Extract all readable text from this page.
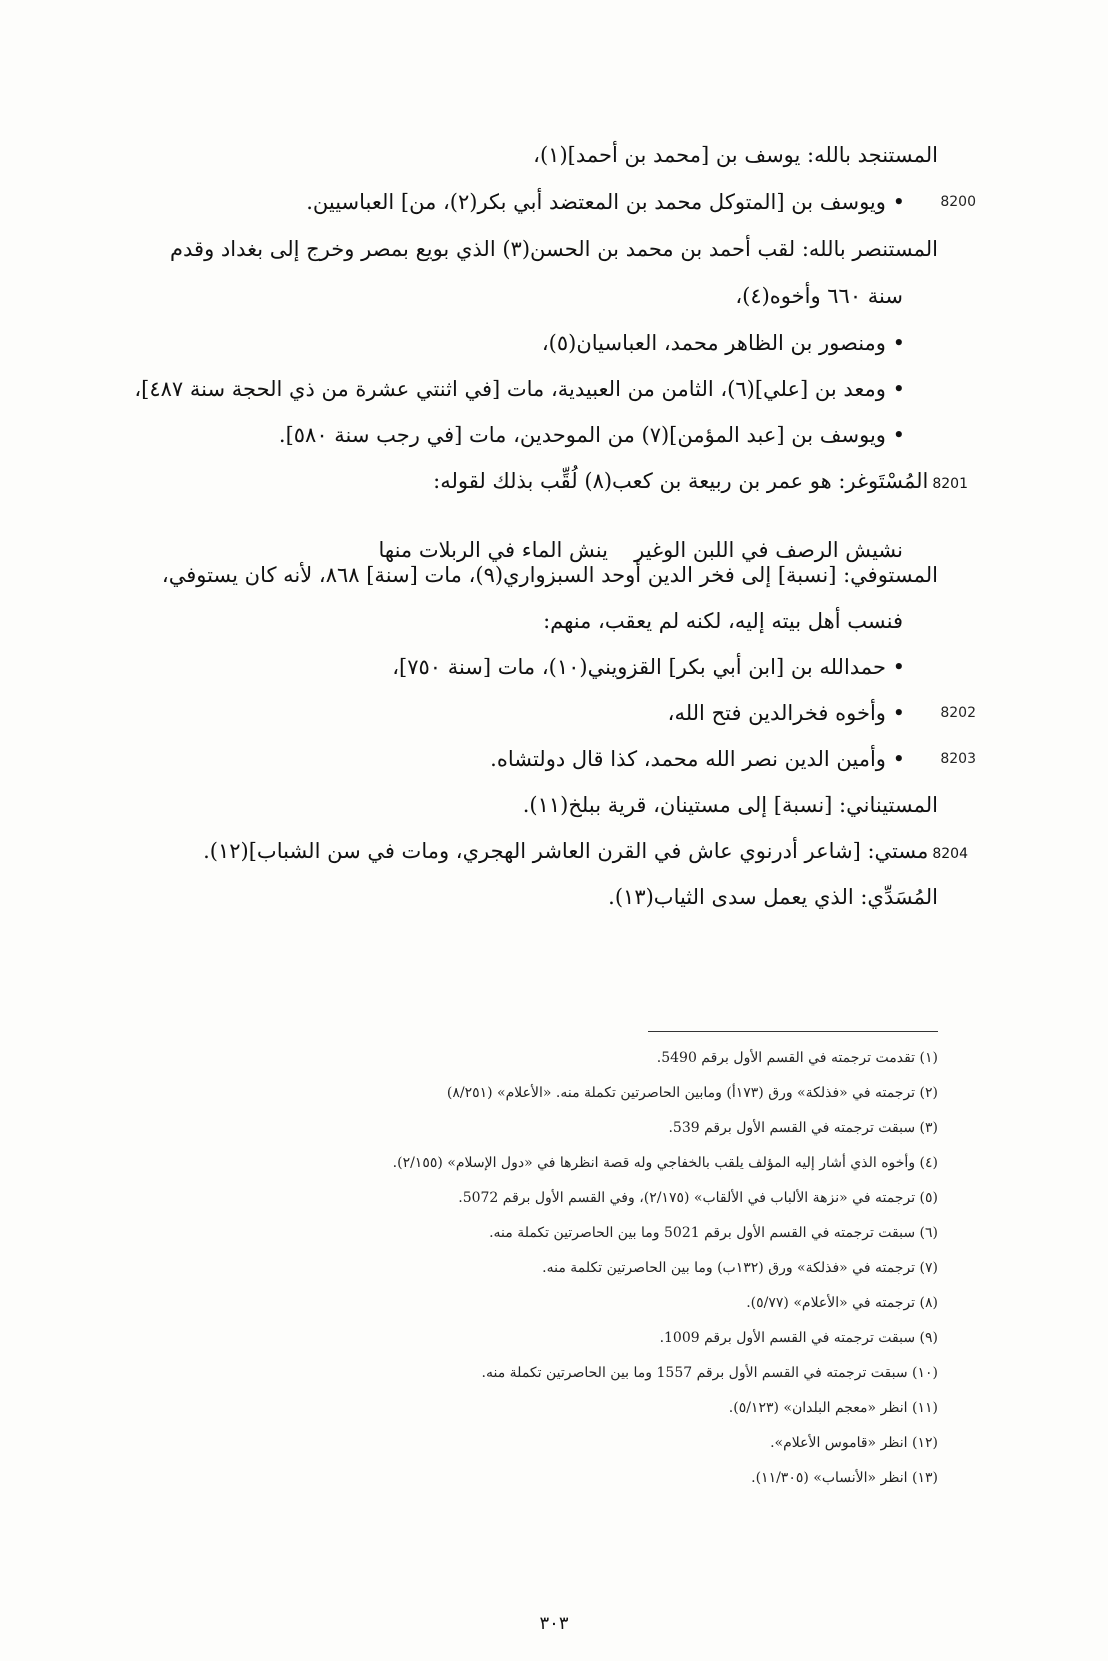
المستنجد بالله: يوسف بن [محمد بن أحمد](١)،
8200
• ويوسف بن [المتوكل محمد بن المعتضد أبي بكر(٢)، من] العباسيين.
المستنصر بالله: لقب أحمد بن محمد بن الحسن(٣) الذي بويع بمصر وخرج إلى بغداد وقدم
سنة ٦٦٠ وأخوه(٤)،
• ومنصور بن الظاهر محمد، العباسيان(٥)،
• ومعد بن [علي](٦)، الثامن من العبيدية، مات [في اثنتي عشرة من ذي الحجة سنة ٤٨٧]،
• ويوسف بن [عبد المؤمن](٧) من الموحدين، مات [في رجب سنة ٥٨٠].
8201المُسْتَوغر: هو عمر بن ربيعة بن كعب(٨) لُقِّب بذلك لقوله:
ينش الماء في الربلات منها نشيش الرصف في اللبن الوغير
المستوفي: [نسبة] إلى فخر الدين أوحد السبزواري(٩)، مات [سنة] ٨٦٨، لأنه كان يستوفي،
فنسب أهل بيته إليه، لكنه لم يعقب، منهم:
• حمدالله بن [ابن أبي بكر] القزويني(١٠)، مات [سنة ٧٥٠]،
8202
• وأخوه فخرالدين فتح الله،
8203
• وأمين الدين نصر الله محمد، كذا قال دولتشاه.
المستيناني: [نسبة] إلى مستينان، قرية ببلخ(١١).
8204مستي: [شاعر أدرنوي عاش في القرن العاشر الهجري، ومات في سن الشباب](١٢).
المُسَدِّي: الذي يعمل سدى الثياب(١٣).
(١) تقدمت ترجمته في القسم الأول برقم 5490.
(٢) ترجمته في «فذلكة» ورق (١٧٣أ) ومابين الحاصرتين تكملة منه. «الأعلام» (٨/٢٥١)
(٣) سبقت ترجمته في القسم الأول برقم 539.
(٤) وأخوه الذي أشار إليه المؤلف يلقب بالخفاجي وله قصة انظرها في «دول الإسلام» (٢/١٥٥).
(٥) ترجمته في «نزهة الألباب في الألقاب» (٢/١٧٥)، وفي القسم الأول برقم 5072.
(٦) سبقت ترجمته في القسم الأول برقم 5021 وما بين الحاصرتين تكملة منه.
(٧) ترجمته في «فذلكة» ورق (١٣٢ب) وما بين الحاصرتين تكلمة منه.
(٨) ترجمته في «الأعلام» (٥/٧٧).
(٩) سبقت ترجمته في القسم الأول برقم 1009.
(١٠) سبقت ترجمته في القسم الأول برقم 1557 وما بين الحاصرتين تكملة منه.
(١١) انظر «معجم البلدان» (٥/١٢٣).
(١٢) انظر «قاموس الأعلام».
(١٣) انظر «الأنساب» (١١/٣٠٥).
٣٠٣
